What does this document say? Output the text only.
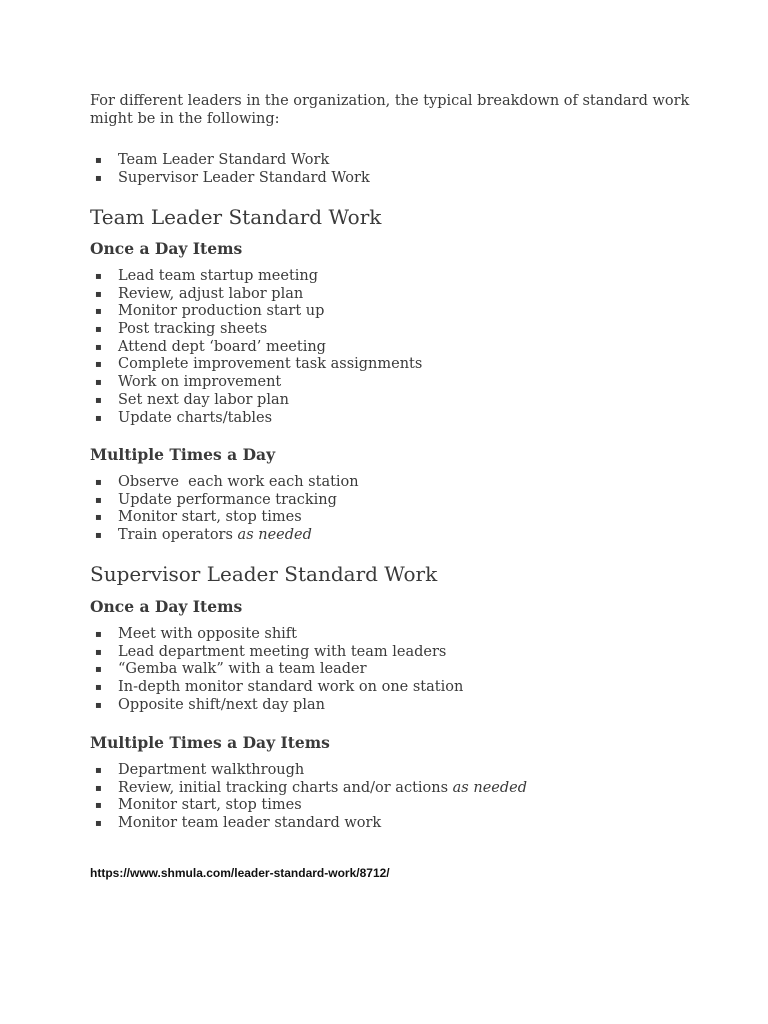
For different leaders in the organization, the typical breakdown of standard work might be in the following:

▪ Team Leader Standard Work
▪ Supervisor Leader Standard Work
Team Leader Standard Work
Once a Day Items
▪ Lead team startup meeting
▪ Review, adjust labor plan
▪ Monitor production start up
▪ Post tracking sheets
▪ Attend dept ‘board’ meeting
▪ Complete improvement task assignments
▪ Work on improvement
▪ Set next day labor plan
▪ Update charts/tables
Multiple Times a Day
▪ Observe  each work each station
▪ Update performance tracking
▪ Monitor start, stop times
▪ Train operators as needed
Supervisor Leader Standard Work
Once a Day Items
▪ Meet with opposite shift
▪ Lead department meeting with team leaders
▪ “Gemba walk” with a team leader
▪ In-depth monitor standard work on one station
▪ Opposite shift/next day plan
Multiple Times a Day Items
▪ Department walkthrough
▪ Review, initial tracking charts and/or actions as needed
▪ Monitor start, stop times
▪ Monitor team leader standard work
https://www.shmula.com/leader-standard-work/8712/
